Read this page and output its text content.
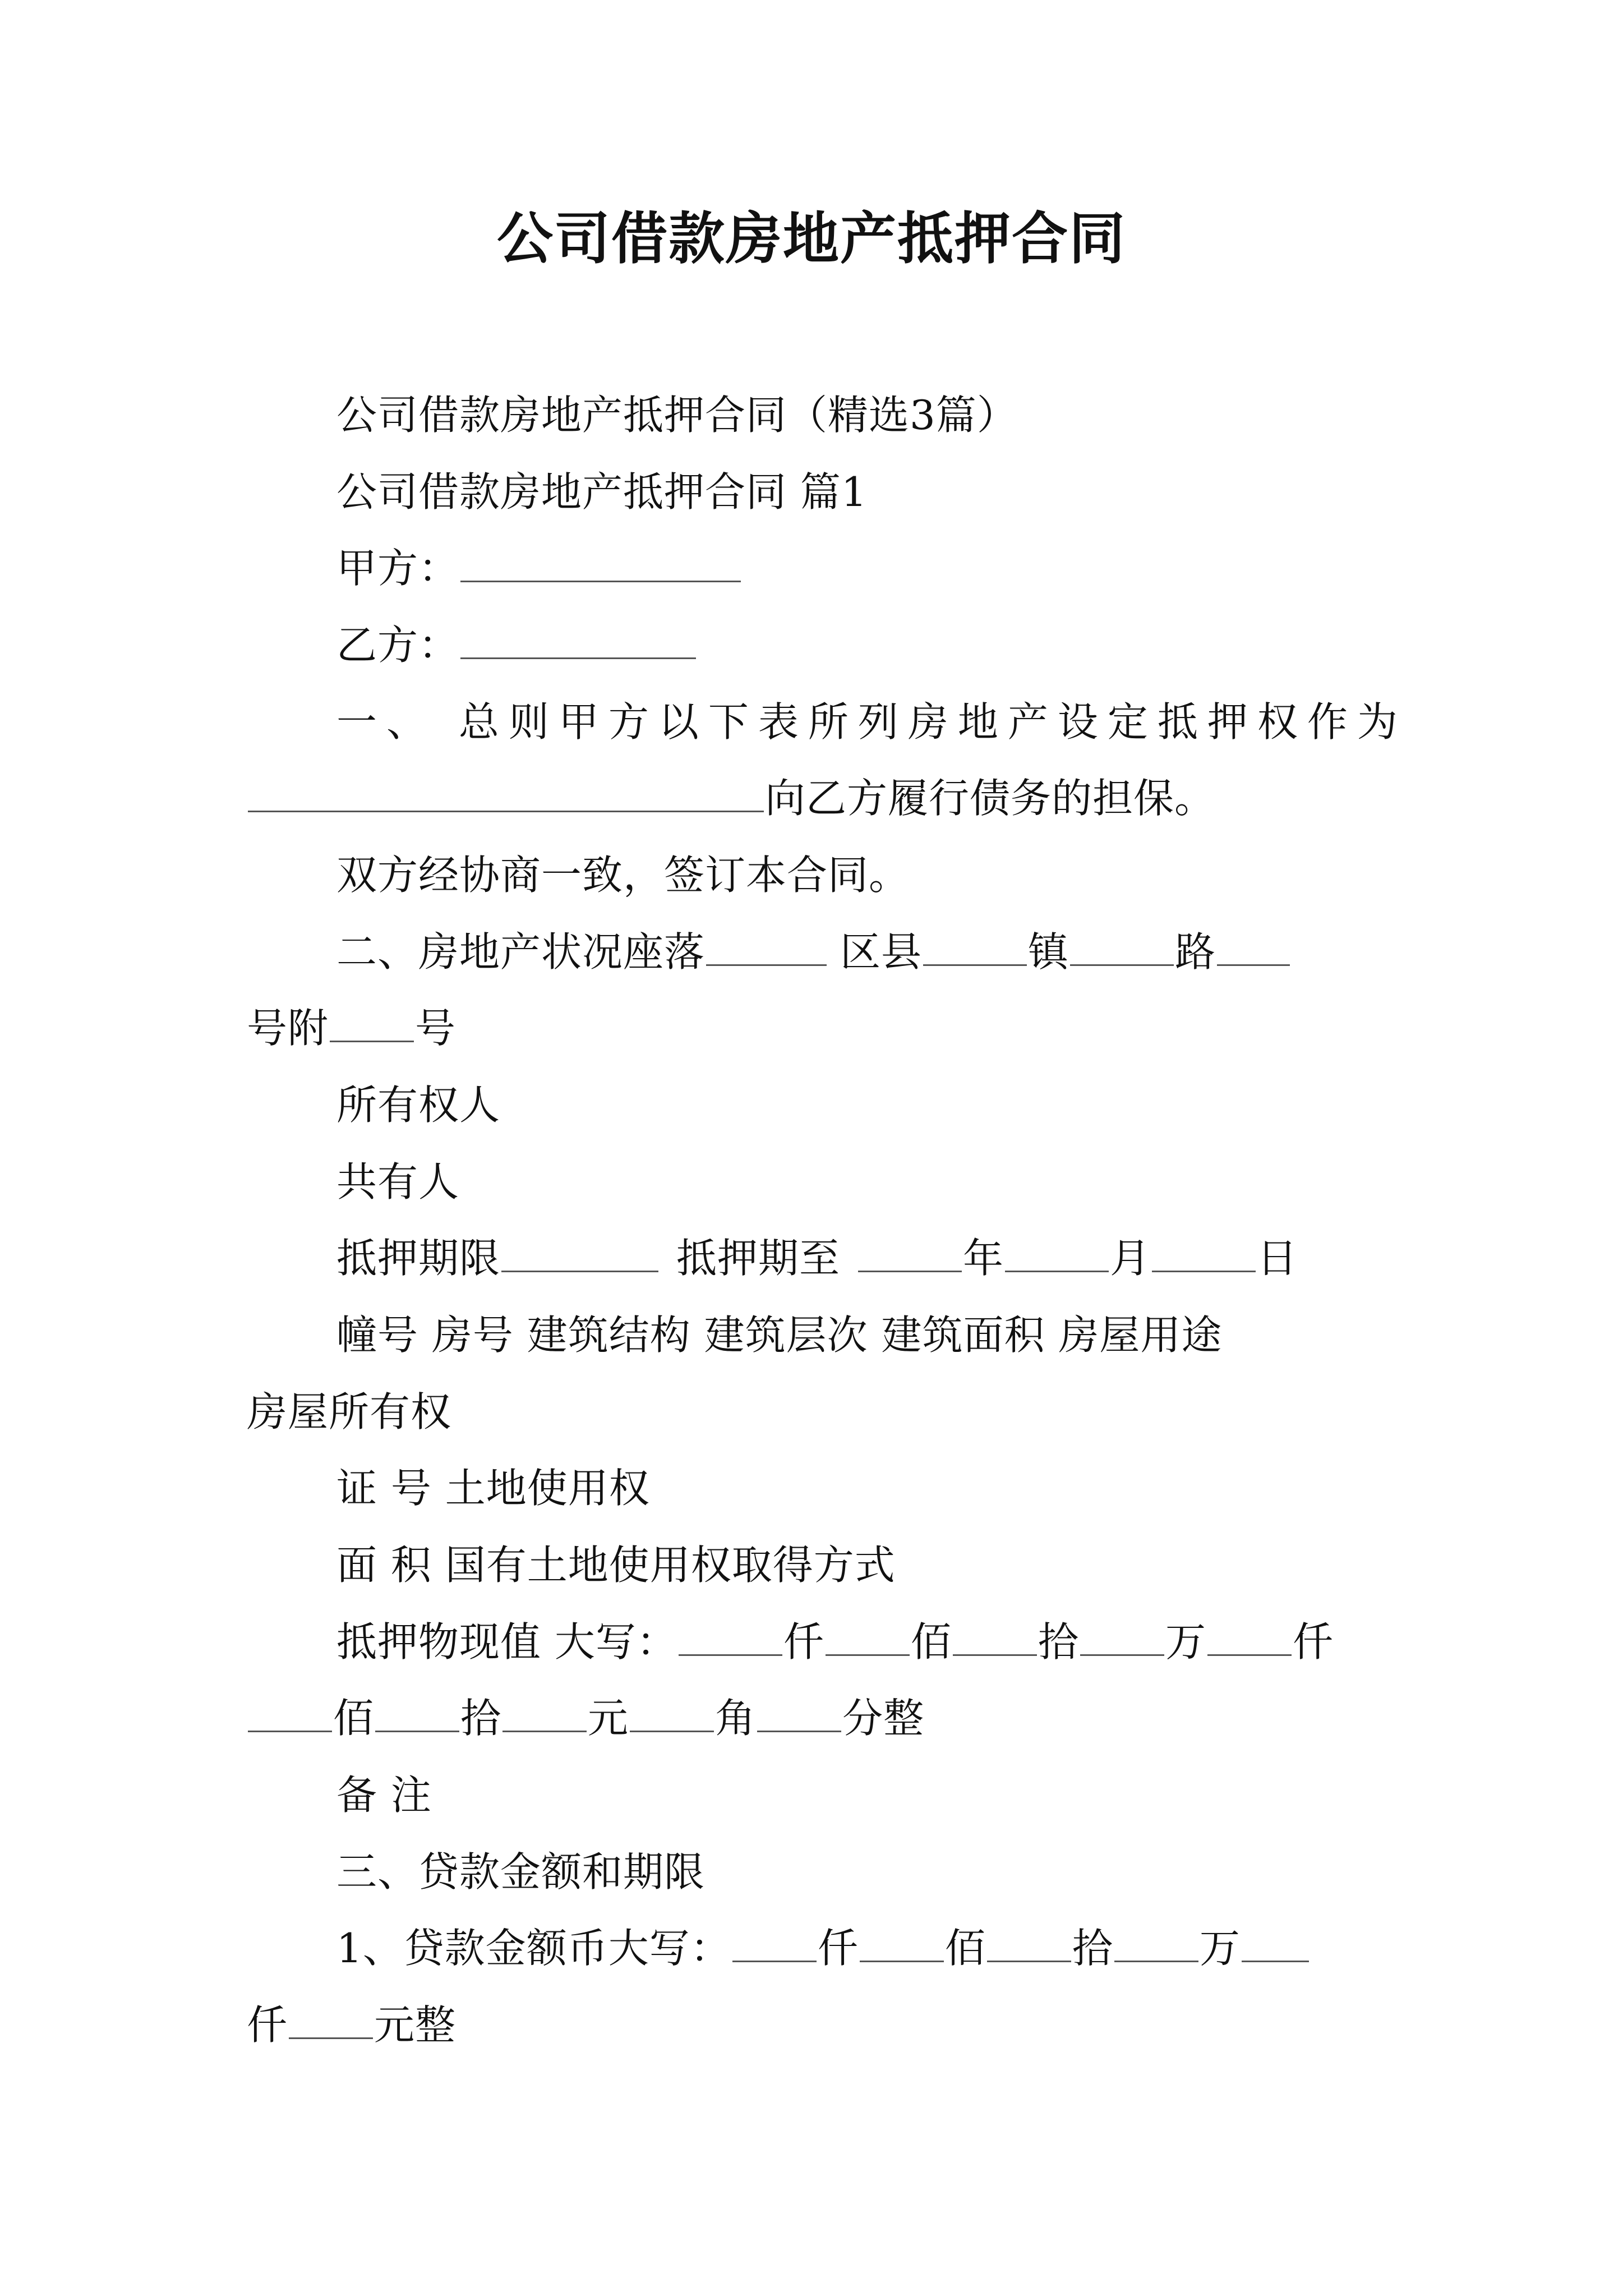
公司借款房地产抵押合同
公司借款房地产抵押合同（精选3篇）
公司借款房地产抵押合同 篇1
甲方：
乙方：
一、 总则甲方以下表所列房地产设定抵押权作为
向乙方履行债务的担保。
双方经协商一致，签订本合同。
二、房地产状况座落	区县	镇	路
号附 号
所有权人
共有人
抵押期限	抵押期至	年	月	日
幢号 房号 建筑结构 建筑层次 建筑面积 房屋用途
房屋所有权
证 号 土地使用权
面 积 国有土地使用权取得方式
抵押物现值 大写：	仟 佰 拾 万 仟
佰 拾 元 角 分整
备 注
三、贷款金额和期限
1、贷款金额币大写： 仟 佰 拾 万
仟 元整
